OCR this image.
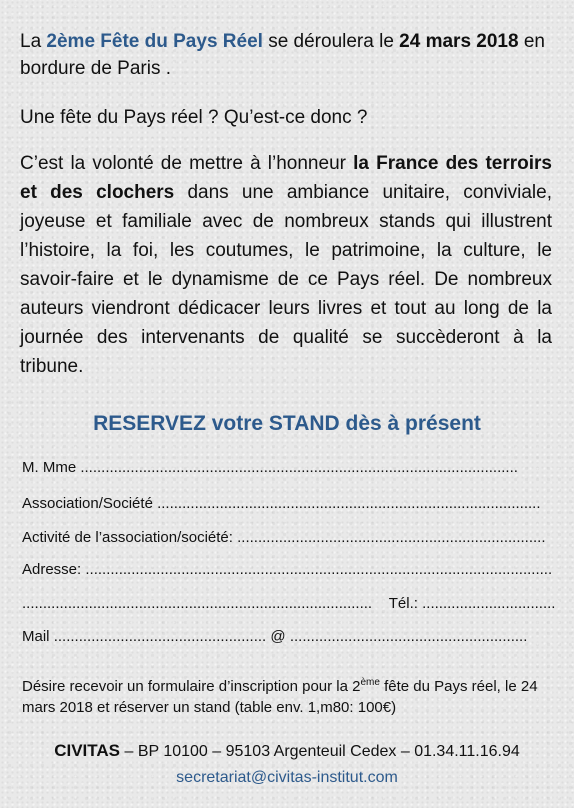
La 2ème Fête du Pays Réel se déroulera le 24 mars 2018 en bordure de Paris .

Une fête du Pays réel ? Qu’est-ce donc ?

C’est la volonté de mettre à l’honneur la France des terroirs et des clochers dans une ambiance unitaire, conviviale, joyeuse et familiale avec de nombreux stands qui illustrent l’histoire, la foi, les coutumes, le patrimoine, la culture, le savoir-faire et le dynamisme de ce Pays réel. De nombreux auteurs viendront dédicacer leurs livres et tout au long de la journée des intervenants de qualité se succèderont à la tribune.

RESERVEZ votre STAND dès à présent

M. Mme .........................................................................................................

Association/Société ............................................................................................

Activité de l’association/société: ..........................................................................

Adresse: ................................................................................................................

.................................................................................... Tél.: ................................

Mail ................................................... @ .........................................................

Désire recevoir un formulaire d’inscription pour la 2ème fête du Pays réel, le 24 mars 2018 et réserver un stand (table env. 1,m80: 100€)

CIVITAS – BP 10100 – 95103 Argenteuil Cedex – 01.34.11.16.94

secretariat@civitas-institut.com
